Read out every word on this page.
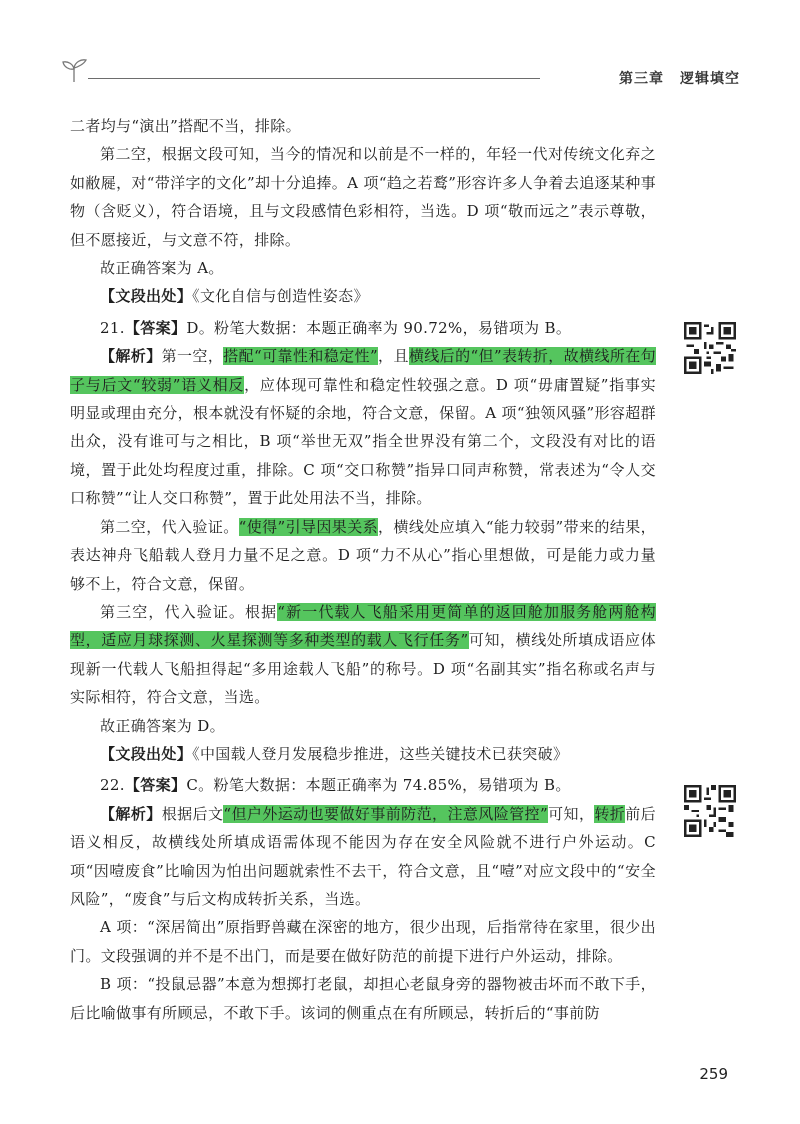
第三章 逻辑填空

二者均与“演出”搭配不当，排除。

第二空，根据文段可知，当今的情况和以前是不一样的，年轻一代对传统文化弃之如敝屣，对“带洋字的文化”却十分追捧。A 项“趋之若鹜”形容许多人争着去追逐某种事物（含贬义），符合语境，且与文段感情色彩相符，当选。D 项“敬而远之”表示尊敬，但不愿接近，与文意不符，排除。

故正确答案为 A。

【文段出处】《文化自信与创造性姿态》

21.【答案】D。粉笔大数据：本题正确率为 90.72%，易错项为 B。

【解析】第一空，搭配“可靠性和稳定性”，且横线后的“但”表转折，故横线所在句子与后文“较弱”语义相反，应体现可靠性和稳定性较强之意。D 项“毋庸置疑”指事实明显或理由充分，根本就没有怀疑的余地，符合文意，保留。A 项“独领风骚”形容超群出众，没有谁可与之相比，B 项“举世无双”指全世界没有第二个，文段没有对比的语境，置于此处均程度过重，排除。C 项“交口称赞”指异口同声称赞，常表述为“令人交口称赞”“让人交口称赞”，置于此处用法不当，排除。

第二空，代入验证。“使得”引导因果关系，横线处应填入“能力较弱”带来的结果，表达神舟飞船载人登月力量不足之意。D 项“力不从心”指心里想做，可是能力或力量够不上，符合文意，保留。

第三空，代入验证。根据“新一代载人飞船采用更简单的返回舱加服务舱两舱构型，适应月球探测、火星探测等多种类型的载人飞行任务”可知，横线处所填成语应体现新一代载人飞船担得起“多用途载人飞船”的称号。D 项“名副其实”指名称或名声与实际相符，符合文意，当选。

故正确答案为 D。

【文段出处】《中国载人登月发展稳步推进，这些关键技术已获突破》

22.【答案】C。粉笔大数据：本题正确率为 74.85%，易错项为 B。

【解析】根据后文“但户外运动也要做好事前防范，注意风险管控”可知，转折前后语义相反，故横线处所填成语需体现不能因为存在安全风险就不进行户外运动。C 项“因噎废食”比喻因为怕出问题就索性不去干，符合文意，且“噎”对应文段中的“安全风险”，“废食”与后文构成转折关系，当选。

A 项：“深居简出”原指野兽藏在深密的地方，很少出现，后指常待在家里，很少出门。文段强调的并不是不出门，而是要在做好防范的前提下进行户外运动，排除。

B 项：“投鼠忌器”本意为想掷打老鼠，却担心老鼠身旁的器物被击坏而不敢下手，后比喻做事有所顾忌，不敢下手。该词的侧重点在有所顾忌，转折后的“事前防

259
